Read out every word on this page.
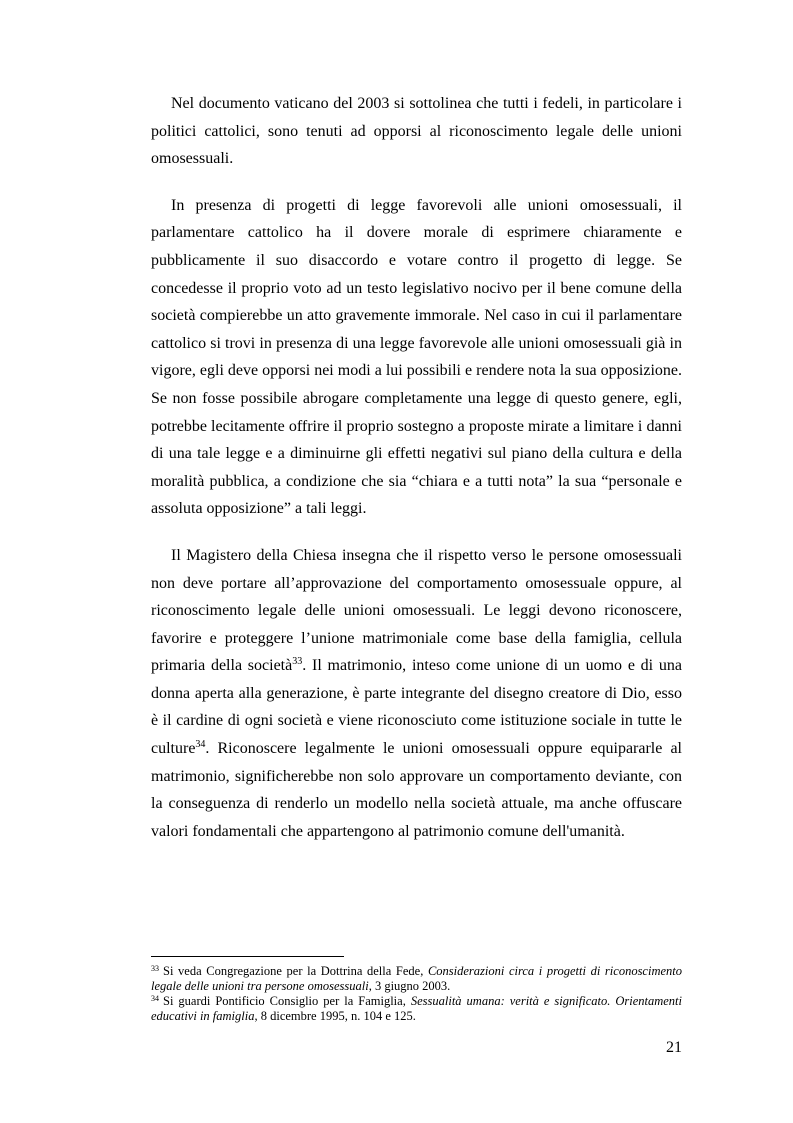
Nel documento vaticano del 2003 si sottolinea che tutti i fedeli, in particolare i politici cattolici, sono tenuti ad opporsi al riconoscimento legale delle unioni omosessuali.

In presenza di progetti di legge favorevoli alle unioni omosessuali, il parlamentare cattolico ha il dovere morale di esprimere chiaramente e pubblicamente il suo disaccordo e votare contro il progetto di legge. Se concedesse il proprio voto ad un testo legislativo nocivo per il bene comune della società compierebbe un atto gravemente immorale. Nel caso in cui il parlamentare cattolico si trovi in presenza di una legge favorevole alle unioni omosessuali già in vigore, egli deve opporsi nei modi a lui possibili e rendere nota la sua opposizione. Se non fosse possibile abrogare completamente una legge di questo genere, egli, potrebbe lecitamente offrire il proprio sostegno a proposte mirate a limitare i danni di una tale legge e a diminuirne gli effetti negativi sul piano della cultura e della moralità pubblica, a condizione che sia “chiara e a tutti nota” la sua “personale e assoluta opposizione” a tali leggi.

Il Magistero della Chiesa insegna che il rispetto verso le persone omosessuali non deve portare all’approvazione del comportamento omosessuale oppure, al riconoscimento legale delle unioni omosessuali. Le leggi devono riconoscere, favorire e proteggere l’unione matrimoniale come base della famiglia, cellula primaria della società$^{33}$. Il matrimonio, inteso come unione di un uomo e di una donna aperta alla generazione, è parte integrante del disegno creatore di Dio, esso è il cardine di ogni società e viene riconosciuto come istituzione sociale in tutte le culture$^{34}$. Riconoscere legalmente le unioni omosessuali oppure equipararle al matrimonio, significherebbe non solo approvare un comportamento deviante, con la conseguenza di renderlo un modello nella società attuale, ma anche offuscare valori fondamentali che appartengono al patrimonio comune dell'umanità.

$^{33}$ Si veda Congregazione per la Dottrina della Fede, Considerazioni circa i progetti di riconoscimento legale delle unioni tra persone omosessuali, 3 giugno 2003.

$^{34}$ Si guardi Pontificio Consiglio per la Famiglia, Sessualità umana: verità e significato. Orientamenti educativi in famiglia, 8 dicembre 1995, n. 104 e 125.

21
